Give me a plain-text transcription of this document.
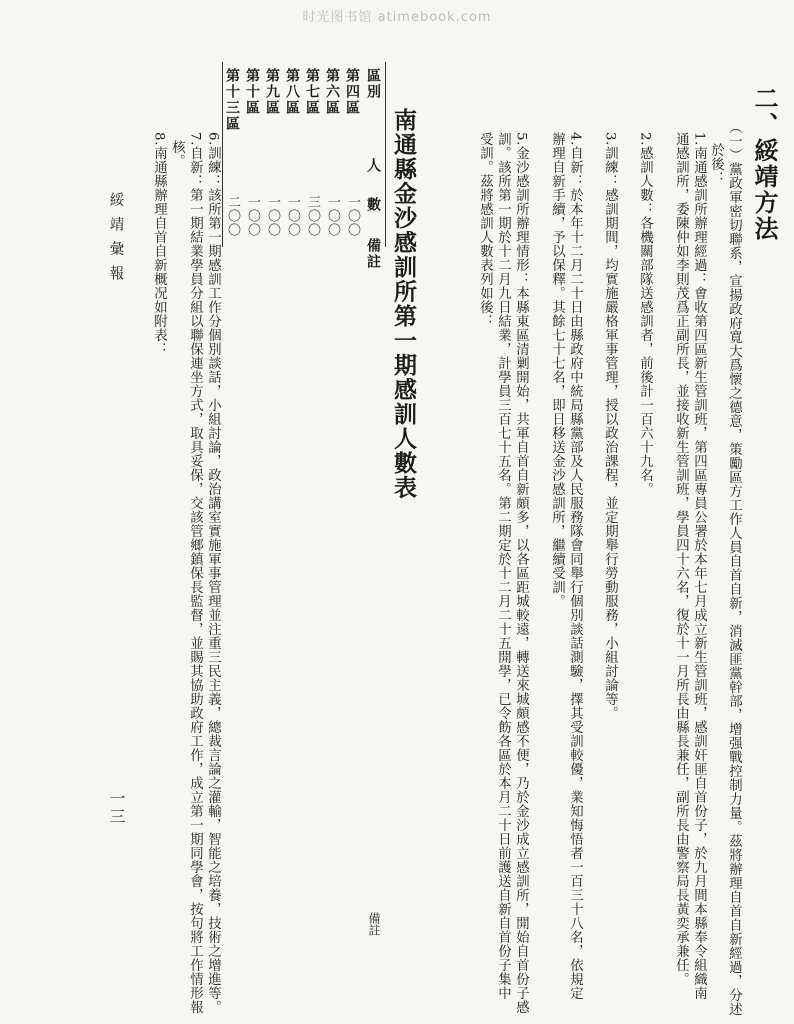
时光图书馆 atimebook.com
二、綏靖方法
（一）黨政軍密切聯系，宣揚政府寬大爲懷之德意，策勵區方工作人員自首自新，消滅匪黨幹部，增强戰控制力量。茲將辦理自首自新經過，分述
於後：
1.南通感訓所辦理經過：㑹收第四區新生管訓班，第四區專員公署於本年七月成立新生管訓班，感訓奸匪自首份子，於九月間本縣奉令組織南
通感訓所，委陳仲如李則茂爲正副所長，並接收新生管訓班，學員四十六名，復於十一月所長由縣長兼任，副所長由警察局長黃奕承兼任。
2.感訓人數：各機關部隊送感訓者，前後計一百六十九名。
3.訓練：感訓期間，均實施嚴格軍事管理，授以政治課程，並定期舉行勞動服務，小組討論等。
4.自新：於本年十二月二十日由縣政府中統局縣黨部及人民服務隊會同舉行個別談話測驗，擇其受訓較優，業知悔悟者一百三十八名，依規定
辦理自新手續，予以保釋。其餘七十七名，即日移送金沙感訓所，繼續受訓。
5.金沙感訓所辦理情形：本縣東區清剿開始，共軍自首自新頗多，以各區距城較遠，轉送來城頗感不便，乃於金沙成立感訓所，開始自首份子感
訓。該所第一期於十二月九日結業，計學員三百七十五名。第二期定於十二月二十五開學，已令飭各區於本月二十日前護送自新自首份子集中
受訓。茲將感訓人數表列如後：
南通縣金沙感訓所第一期感訓人數表
區別
人數
備註
第四區
一〇〇
第六區
一〇〇
第七區
三〇〇
第八區
一〇〇
第九區
一〇〇
第十區
一〇〇
第十三區
二〇〇
備註
6.訓練：該所第一期感訓工作分個別談話，小組討論，政治講室實施軍事管理並注重三民主義，總裁言論之灌輸，智能之培養，技術之增進等。
7.自新：第一期結業學員分組以聯保連坐方式，取具妥保，交該管鄉鎮保長監督，並賜其協助政府工作，成立第一期同學會，按句將工作情形報
核。
8.南通縣辦理自首自新概况如附表：
綏靖彙報
一三
